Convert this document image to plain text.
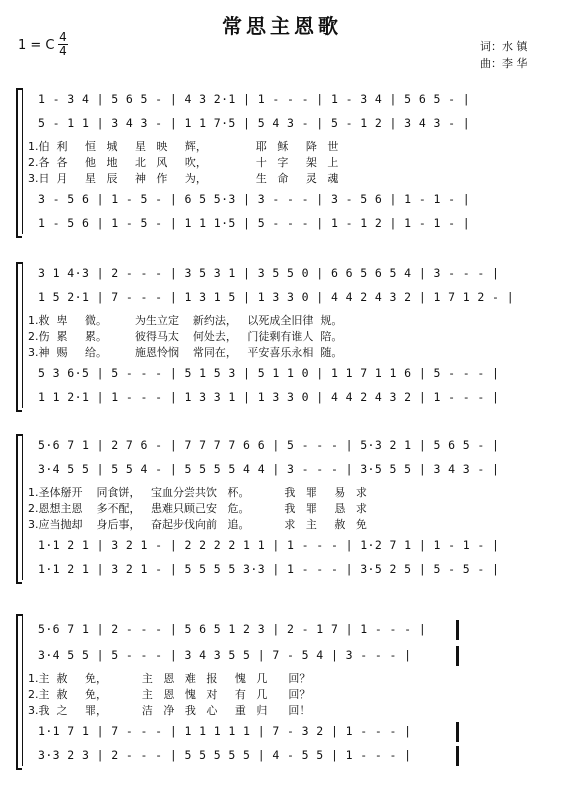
常思主恩歌
1 = C
4
4	词：水 镇
曲：李 华
1 - 3 4 | 5 6 5 - | 4 3 2·1 | 1 - - - | 1 - 3 4 | 5 6 5 - |
5 - 1 1 | 3 4 3 - | 1 1 7·5 | 5 4 3 - | 5 - 1 2 | 3 4 3 - |
1.伯  利     恒   城     星   映     辉，              耶   稣     降   世
2.各  各     他   地     北   风     吹，              十   字     架   上
3.日  月     星   辰     神   作     为，              生   命     灵   魂
3 - 5 6 | 1 - 5 - | 6 5 5·3 | 3 - - - | 3 - 5 6 | 1 - 1 - |
1 - 5 6 | 1 - 5 - | 1 1 1·5 | 5 - - - | 1 - 1 2 | 1 - 1 - |
3 1 4·3 | 2 - - - | 3 5 3 1 | 3 5 5 0 | 6 6 5 6 5 4 | 3 - - - |
1 5 2·1 | 7 - - - | 1 3 1 5 | 1 3 3 0 | 4 4 2 4 3 2 | 1 7 1 2 - |
1.救  卑     微。        为生立定    新约法，   以死成全旧律  规。
2.伤  累     累。        彼得马太    何处去，   门徒剩有谁人  陪。
3.神  赐     给。        施恩怜悯    常同在，   平安喜乐永相  随。
5 3 6·5 | 5 - - - | 5 1 5 3 | 5 1 1 0 | 1 1 7 1 1 6 | 5 - - - |
1 1 2·1 | 1 - - - | 1 3 3 1 | 1 3 3 0 | 4 4 2 4 3 2 | 1 - - - |
5·6 7 1 | 2 7 6 - | 7 7 7 7 6 6 | 5 - - - | 5·3 2 1 | 5 6 5 - |
3·4 5 5 | 5 5 4 - | 5 5 5 5 4 4 | 3 - - - | 3·5 5 5 | 3 4 3 - |
1.圣体掰开    同食饼，   宝血分尝共饮   杯。          我   罪     易   求
2.恩想主恩    多不配，   患难只顾己安   危。          我   罪     恳   求
3.应当抛却    身后事，   奋起步伐向前   追。          求   主     赦   免
1·1 2 1 | 3 2 1 - | 2 2 2 2 1 1 | 1 - - - | 1·2 7 1 | 1 - 1 - |
1·1 2 1 | 3 2 1 - | 5 5 5 5 3·3 | 1 - - - | 3·5 2 5 | 5 - 5 - |
5·6 7 1 | 2 - - - | 5 6 5 1 2 3 | 2 - 1 7 | 1 - - - |
3·4 5 5 | 5 - - - | 3 4 3 5 5 | 7 - 5 4 | 3 - - - |
1.主  赦     免，          主   恩   难   报     愧   几      回？
2.主  赦     免，          主   恩   愧   对     有   几      回？
3.我  之     罪，          洁   净   我   心     重   归      回！
1·1 7 1 | 7 - - - | 1 1 1 1 1 | 7 - 3 2 | 1 - - - |
3·3 2 3 | 2 - - - | 5 5 5 5 5 | 4 - 5 5 | 1 - - - |
